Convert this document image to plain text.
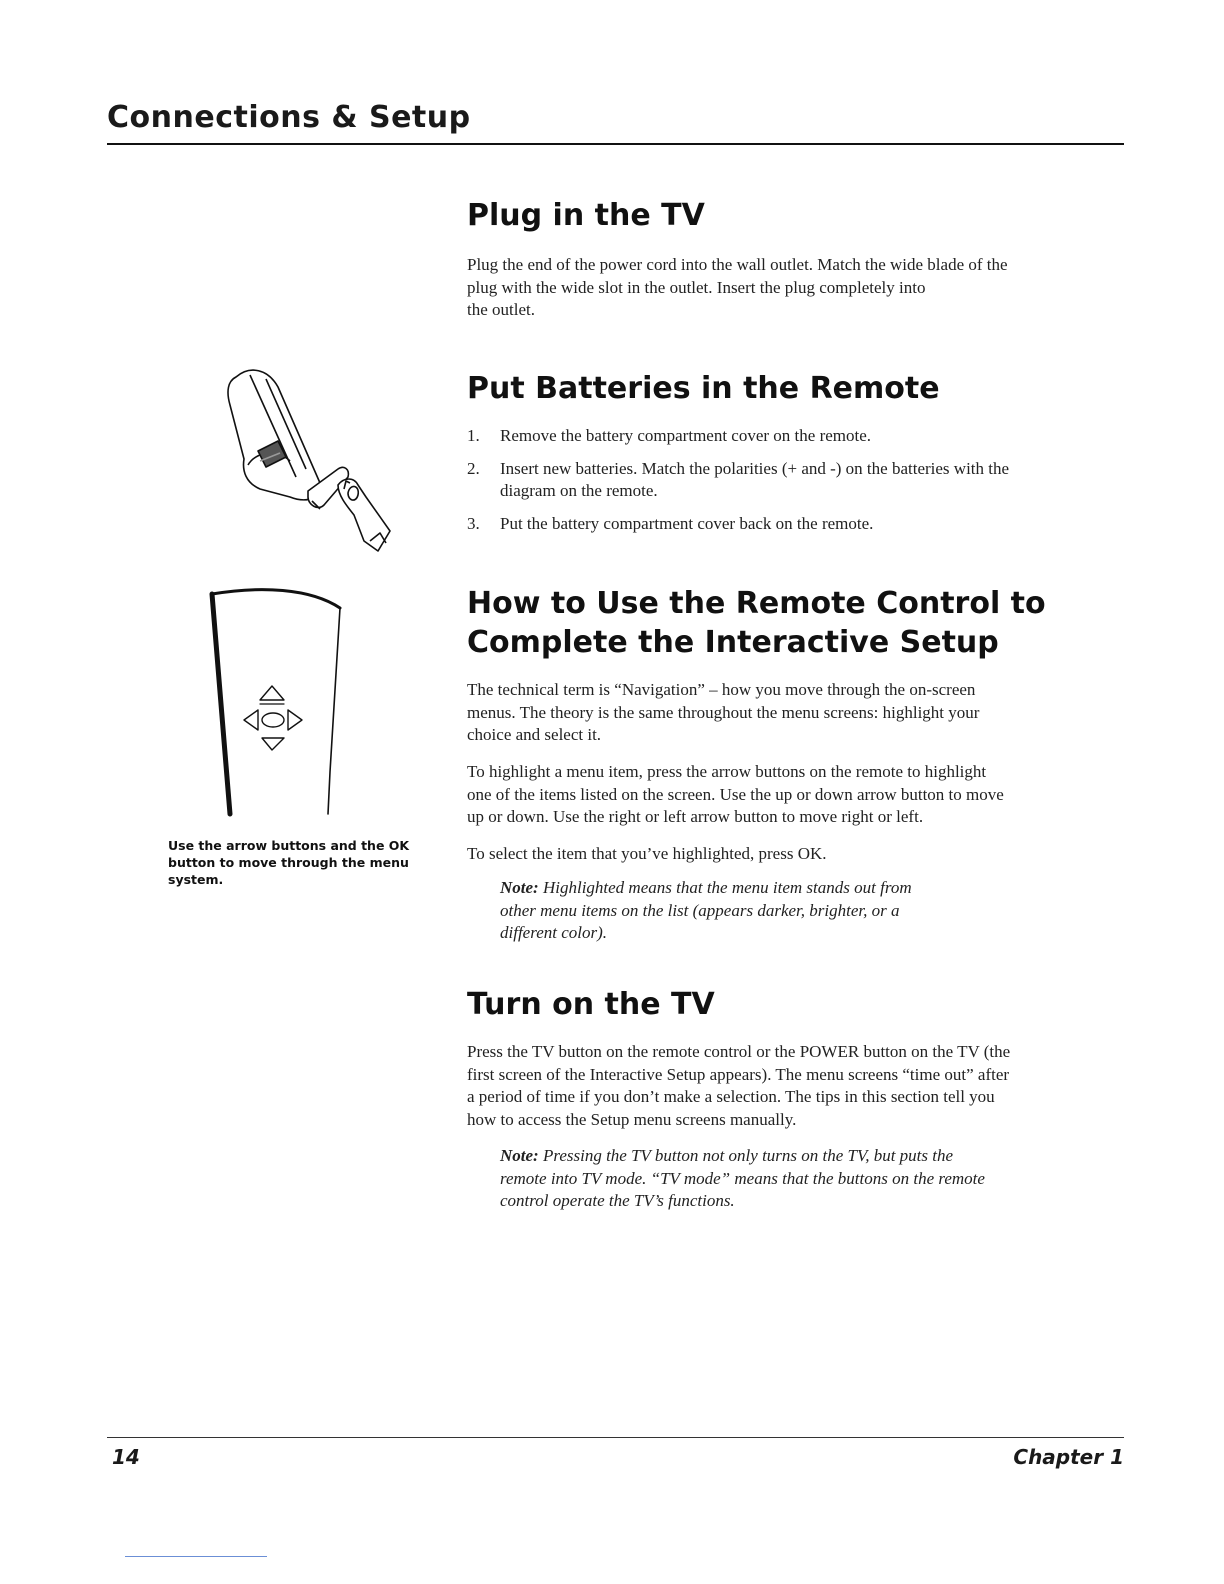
Connections & Setup
Plug in the TV

Plug the end of the power cord into the wall outlet. Match the wide blade of the
plug with the wide slot in the outlet. Insert the plug completely into
the outlet.

Put Batteries in the Remote
1. Remove the battery compartment cover on the remote.
2. Insert new batteries. Match the polarities (+ and -) on the batteries with the
diagram on the remote.
3. Put the battery compartment cover back on the remote.
How to Use the Remote Control to
Complete the Interactive Setup

The technical term is “Navigation” – how you move through the on-screen
menus. The theory is the same throughout the menu screens: highlight your
choice and select it.

To highlight a menu item, press the arrow buttons on the remote to highlight
one of the items listed on the screen. Use the up or down arrow button to move
up or down. Use the right or left arrow button to move right or left.

To select the item that you’ve highlighted, press OK.

Note: Highlighted means that the menu item stands out from
other menu items on the list (appears darker, brighter, or a
different color).

Turn on the TV

Press the TV button on the remote control or the POWER button on the TV (the
first screen of the Interactive Setup appears). The menu screens “time out” after
a period of time if you don’t make a selection. The tips in this section tell you
how to access the Setup menu screens manually.

Note: Pressing the TV button not only turns on the TV, but puts the
remote into TV mode. “TV mode” means that the buttons on the remote
control operate the TV’s functions.

Use the arrow buttons and the OK
button to move through the menu
system.

14	Chapter 1
